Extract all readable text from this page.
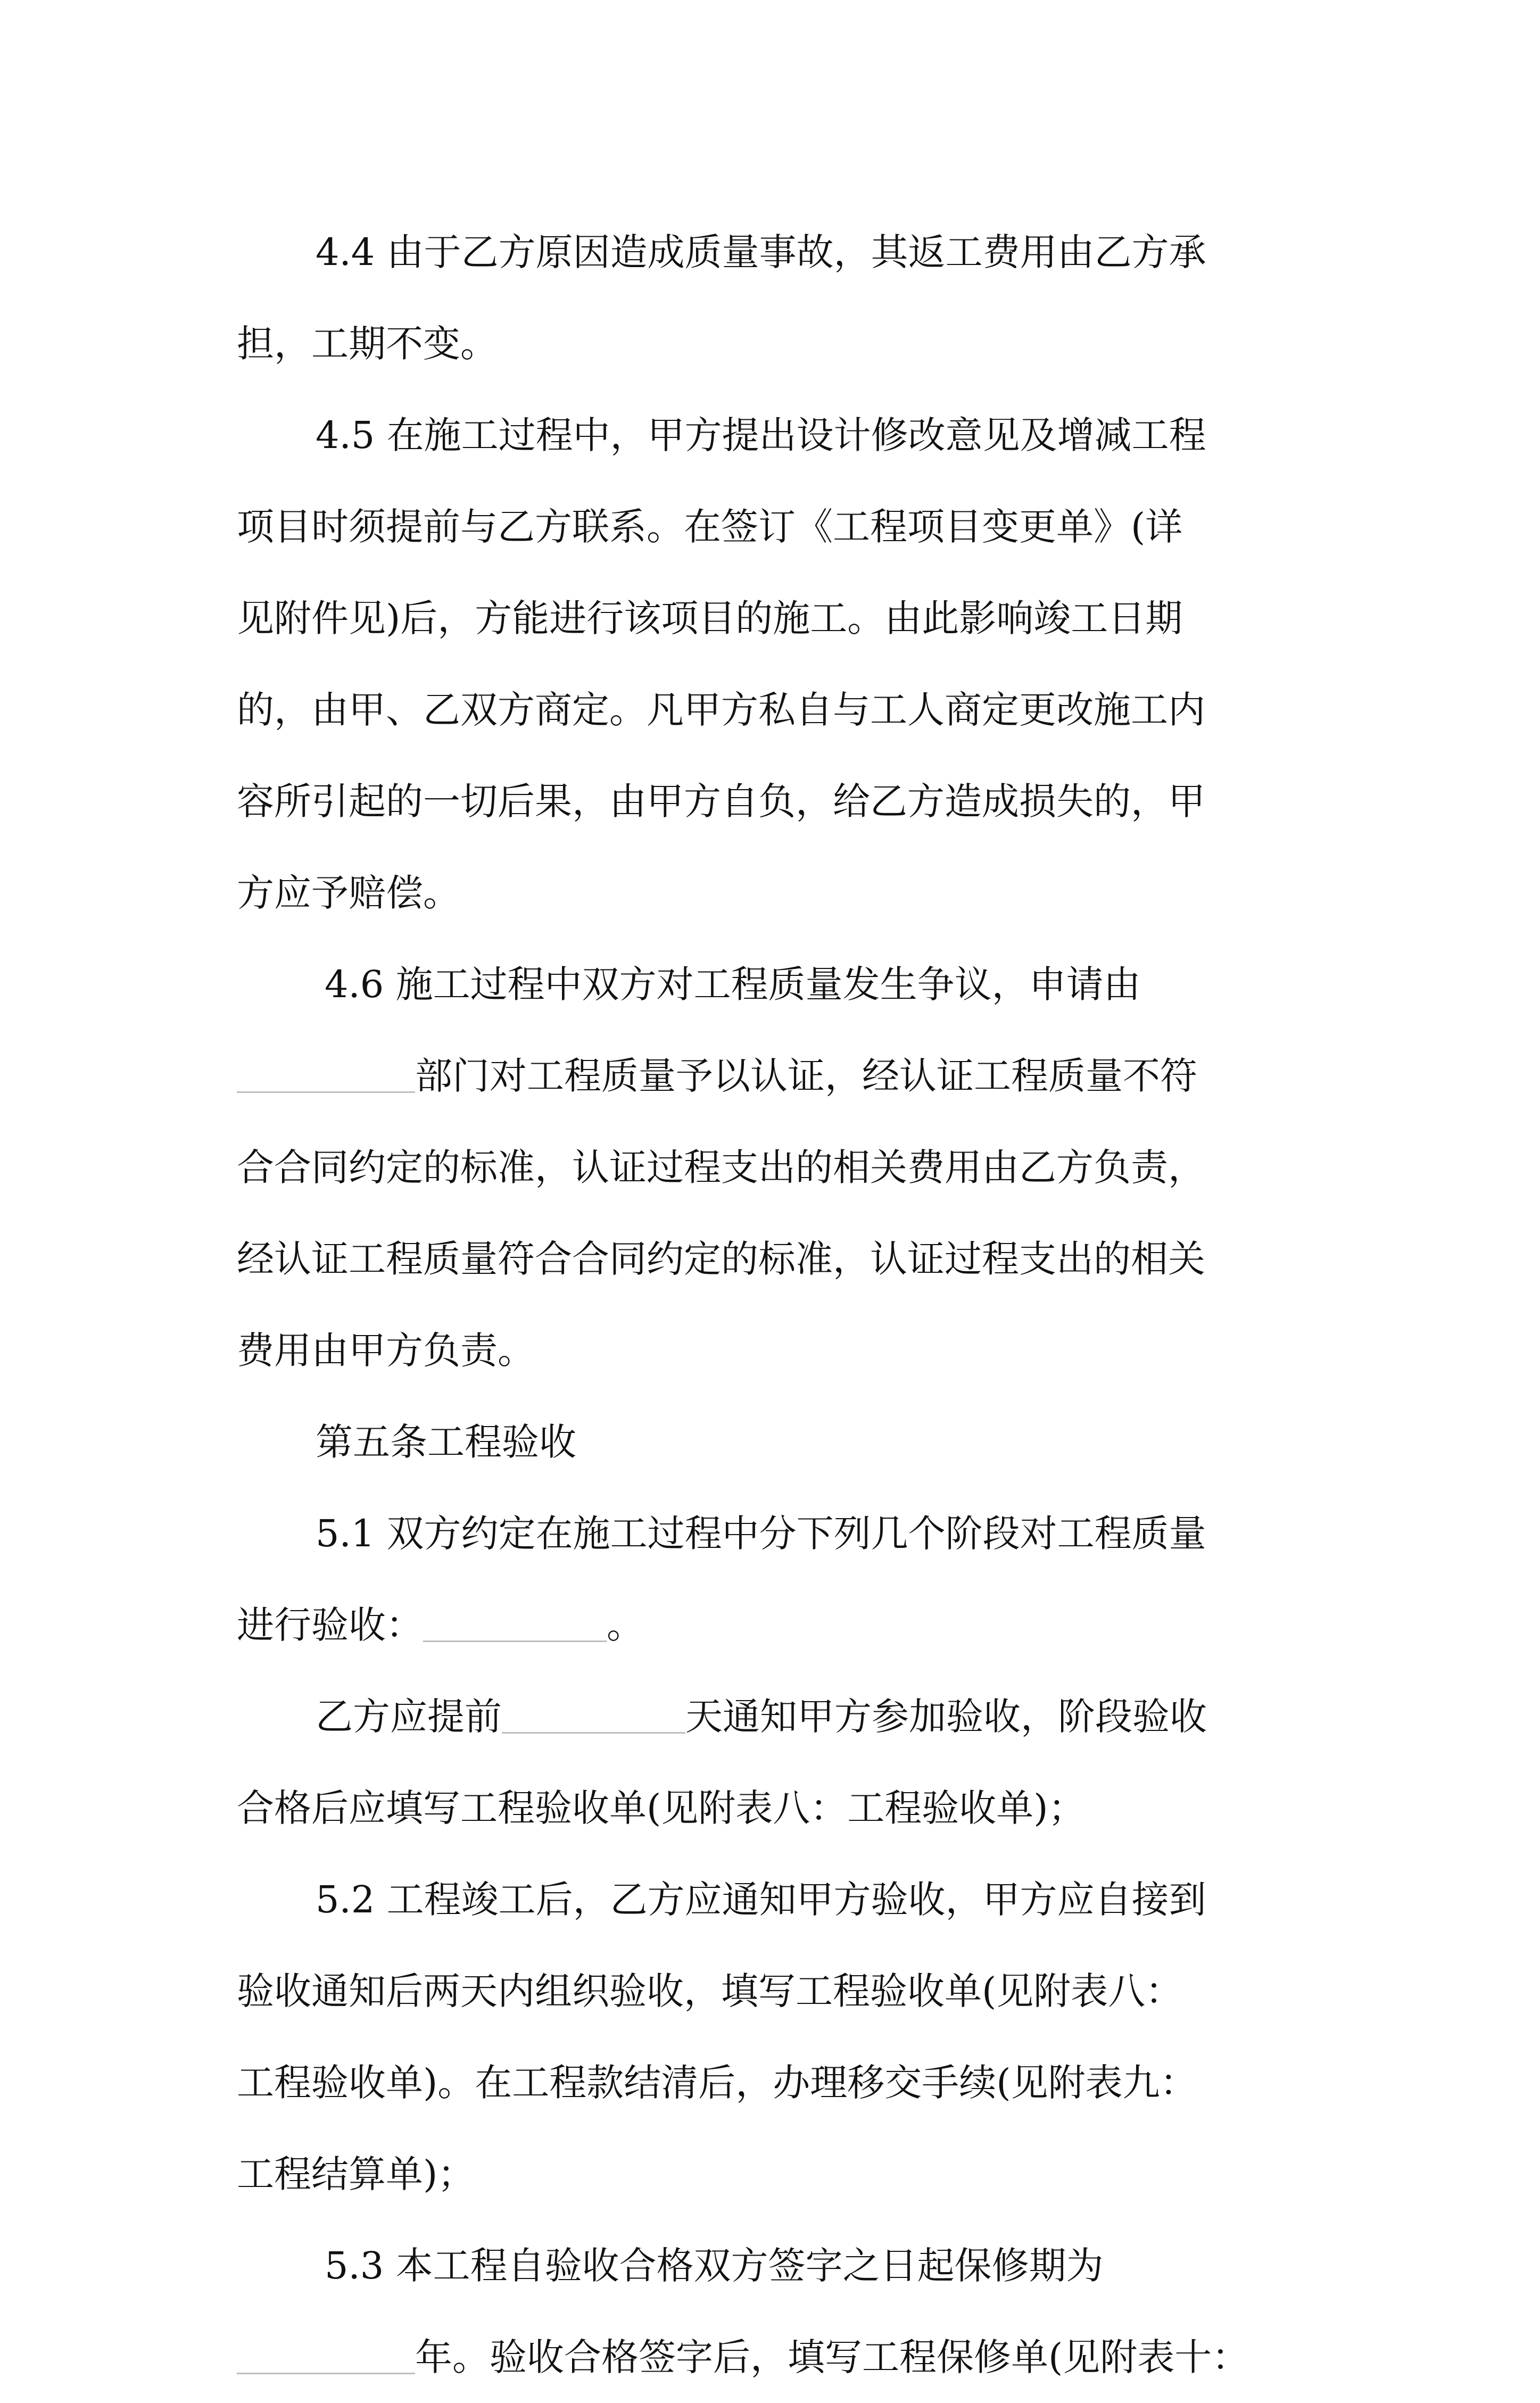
4.4 由于乙方原因造成质量事故，其返工费用由乙方承
担，工期不变。

4.5 在施工过程中，甲方提出设计修改意见及增减工程
项目时须提前与乙方联系。在签订《工程项目变更单》(详
见附件见)后，方能进行该项目的施工。由此影响竣工日期
的，由甲、乙双方商定。凡甲方私自与工人商定更改施工内
容所引起的一切后果，由甲方自负，给乙方造成损失的，甲
方应予赔偿。

4.6 施工过程中双方对工程质量发生争议，申请由
部门对工程质量予以认证，经认证工程质量不符
合合同约定的标准，认证过程支出的相关费用由乙方负责，
经认证工程质量符合合同约定的标准，认证过程支出的相关
费用由甲方负责。

第五条工程验收

5.1 双方约定在施工过程中分下列几个阶段对工程质量
进行验收：	。

乙方应提前	天通知甲方参加验收，阶段验收
合格后应填写工程验收单(见附表八：工程验收单)；

5.2 工程竣工后，乙方应通知甲方验收，甲方应自接到
验收通知后两天内组织验收，填写工程验收单(见附表八：
工程验收单)。在工程款结清后，办理移交手续(见附表九：
工程结算单)；

5.3 本工程自验收合格双方签字之日起保修期为
年。验收合格签字后，填写工程保修单(见附表十：
